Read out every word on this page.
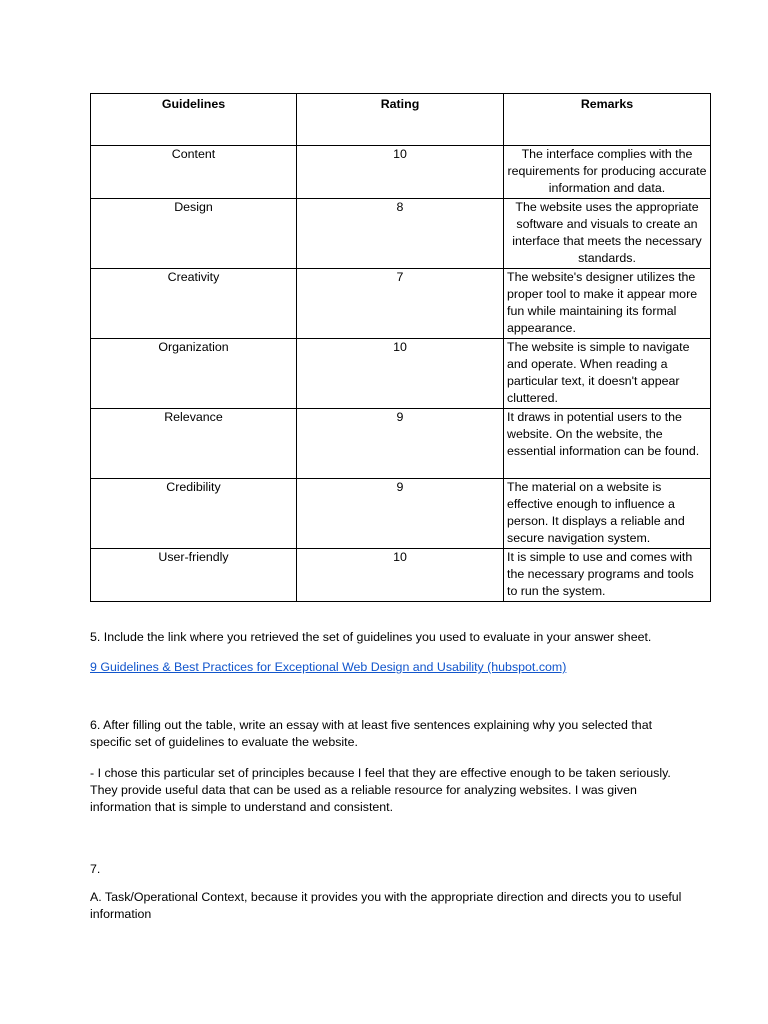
Guidelines	Rating	Remarks
Content	10	The interface complies with the requirements for producing accurate information and data.
Design	8	The website uses the appropriate software and visuals to create an interface that meets the necessary standards.
Creativity	7	The website's designer utilizes the proper tool to make it appear more fun while maintaining its formal appearance.
Organization	10	The website is simple to navigate and operate. When reading a particular text, it doesn't appear cluttered.
Relevance	9	It draws in potential users to the website. On the website, the essential information can be found.
Credibility	9	The material on a website is effective enough to influence a person. It displays a reliable and secure navigation system.
User-friendly	10	It is simple to use and comes with the necessary programs and tools to run the system.
5. Include the link where you retrieved the set of guidelines you used to evaluate in your answer sheet.
9 Guidelines & Best Practices for Exceptional Web Design and Usability (hubspot.com)
6. After filling out the table, write an essay with at least five sentences explaining why you selected that specific set of guidelines to evaluate the website.
- I chose this particular set of principles because I feel that they are effective enough to be taken seriously. They provide useful data that can be used as a reliable resource for analyzing websites. I was given information that is simple to understand and consistent.
7.
A. Task/Operational Context, because it provides you with the appropriate direction and directs you to useful information
